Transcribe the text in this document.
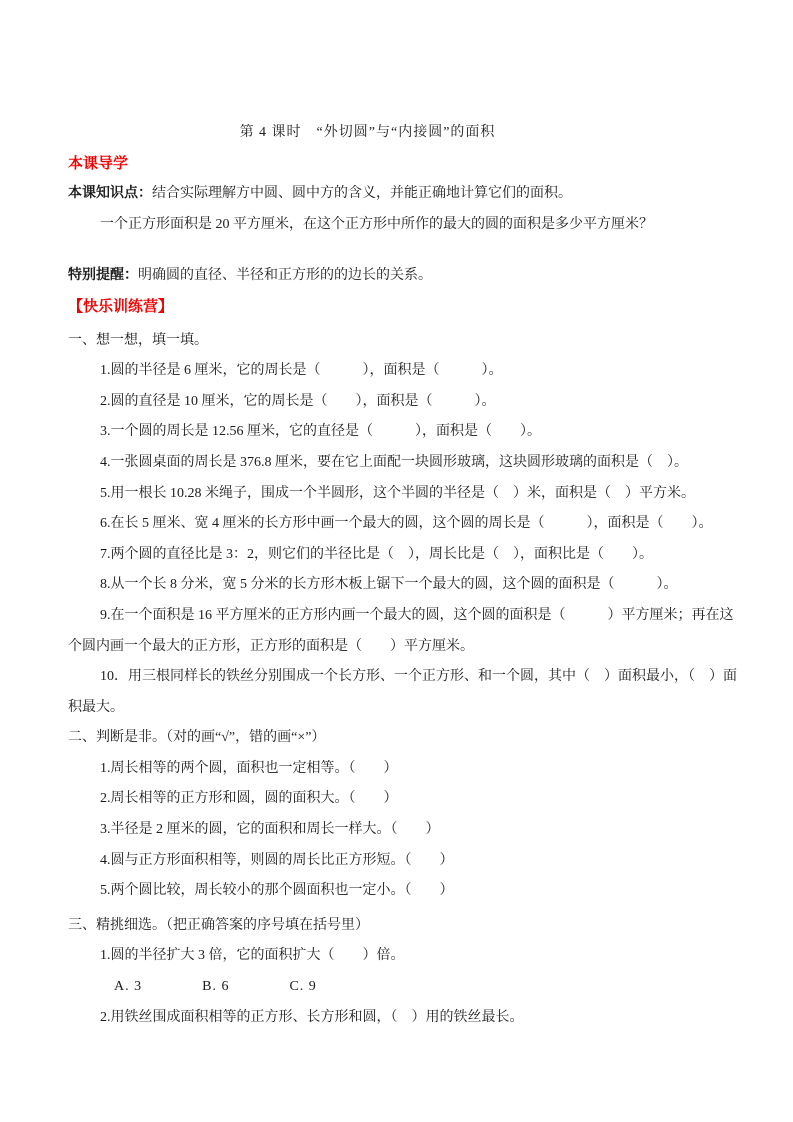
第 4 课时　“外切圆”与“内接圆”的面积

本课导学

本课知识点：结合实际理解方中圆、圆中方的含义，并能正确地计算它们的面积。

一个正方形面积是 20 平方厘米，在这个正方形中所作的最大的圆的面积是多少平方厘米？

特别提醒：明确圆的直径、半径和正方形的的边长的关系。

【快乐训练营】

一、想一想，填一填。

1.圆的半径是 6 厘米，它的周长是（　　　），面积是（　　　）。

2.圆的直径是 10 厘米，它的周长是（　　），面积是（　　　）。

3.一个圆的周长是 12.56 厘米，它的直径是（　　　），面积是（　　）。

4.一张圆桌面的周长是 376.8 厘米，要在它上面配一块圆形玻璃，这块圆形玻璃的面积是（　）。

5.用一根长 10.28 米绳子，围成一个半圆形，这个半圆的半径是（　）米，面积是（　）平方米。

6.在长 5 厘米、宽 4 厘米的长方形中画一个最大的圆，这个圆的周长是（　　　），面积是（　　）。

7.两个圆的直径比是 3：2，则它们的半径比是（　），周长比是（　），面积比是（　　）。

8.从一个长 8 分米，宽 5 分米的长方形木板上锯下一个最大的圆，这个圆的面积是（　　　）。

9.在一个面积是 16 平方厘米的正方形内画一个最大的圆，这个圆的面积是（　　　）平方厘米；再在这个圆内画一个最大的正方形，正方形的面积是（　　）平方厘米。

10．用三根同样长的铁丝分别围成一个长方形、一个正方形、和一个圆，其中（　）面积最小，（　）面积最大。

二、判断是非。（对的画“√”，错的画“×”）

1.周长相等的两个圆，面积也一定相等。（　　）

2.周长相等的正方形和圆，圆的面积大。（　　）

3.半径是 2 厘米的圆，它的面积和周长一样大。（　　）

4.圆与正方形面积相等，则圆的周长比正方形短。（　　）

5.两个圆比较，周长较小的那个圆面积也一定小。（　　）

三、精挑细选。（把正确答案的序号填在括号里）

1.圆的半径扩大 3 倍，它的面积扩大（　　）倍。

A. 3　　　　B. 6　　　　C. 9

2.用铁丝围成面积相等的正方形、长方形和圆，（　）用的铁丝最长。
